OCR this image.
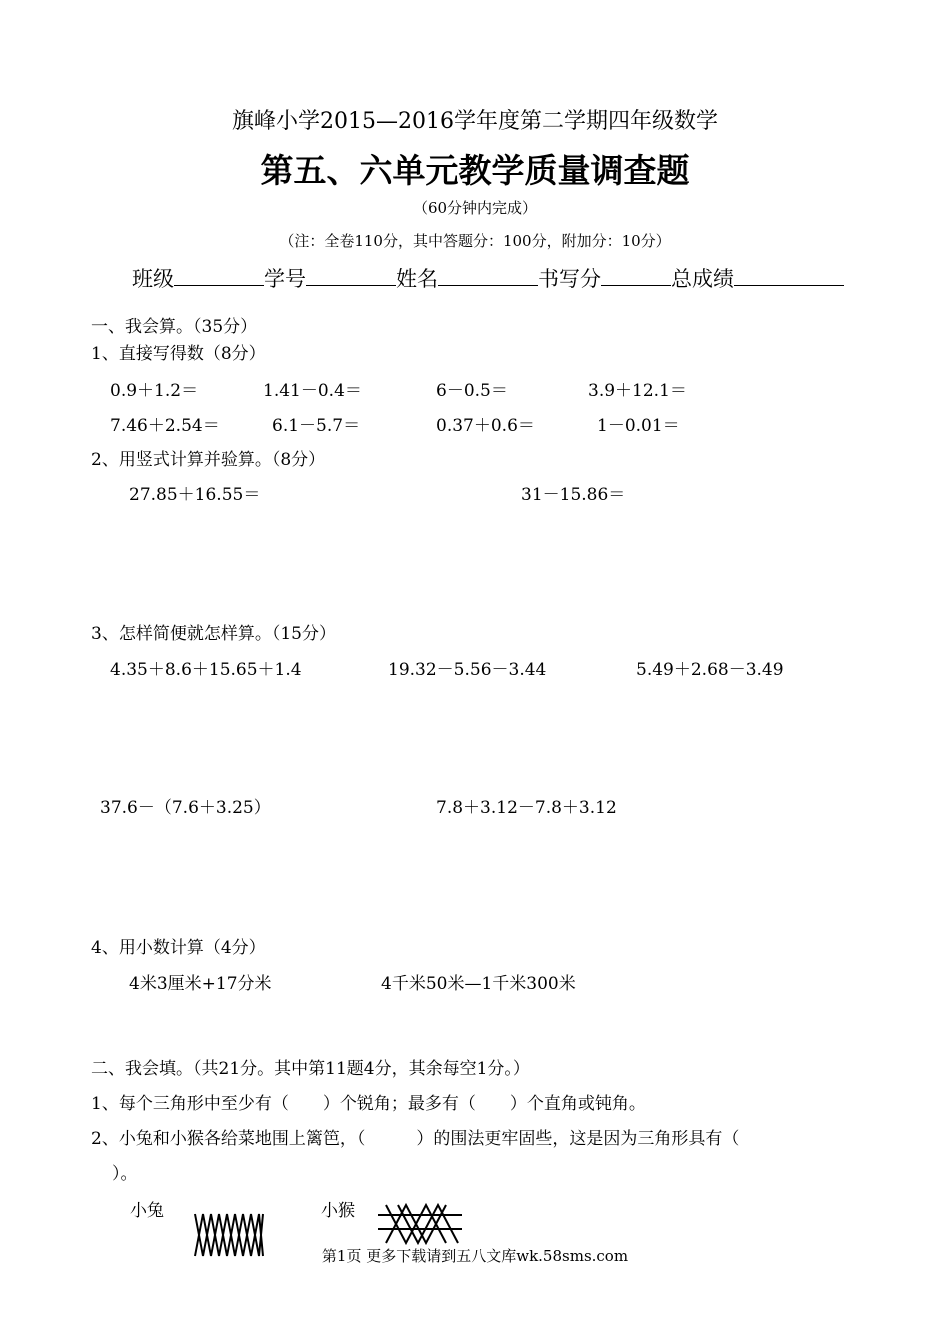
旗峰小学2015—2016学年度第二学期四年级数学
第五、六单元教学质量调查题
（60分钟内完成）
（注：全卷110分，其中答题分：100分，附加分：10分）
班级	学号	姓名	书写分	总成绩
一、我会算。（35分）
1、直接写得数（8分）
0.9＋1.2＝	1.41－0.4＝	6－0.5＝	3.9＋12.1＝
7.46＋2.54＝	6.1－5.7＝	0.37＋0.6＝	1－0.01＝
2、用竖式计算并验算。（8分）
27.85＋16.55＝	31－15.86＝
3、怎样简便就怎样算。（15分）
4.35＋8.6＋15.65＋1.4	19.32－5.56－3.44	5.49＋2.68－3.49
37.6－（7.6＋3.25）	7.8＋3.12－7.8＋3.12
4、用小数计算（4分）
4米3厘米+17分米	4千米50米—1千米300米
二、我会填。（共21分。其中第11题4分，其余每空1分。）
1、每个三角形中至少有（　　）个锐角；最多有（　　）个直角或钝角。
2、小兔和小猴各给菜地围上篱笆，（　　　）的围法更牢固些，这是因为三角形具有（
）。
小兔	小猴
第1页 更多下载请到五八文库wk.58sms.com
